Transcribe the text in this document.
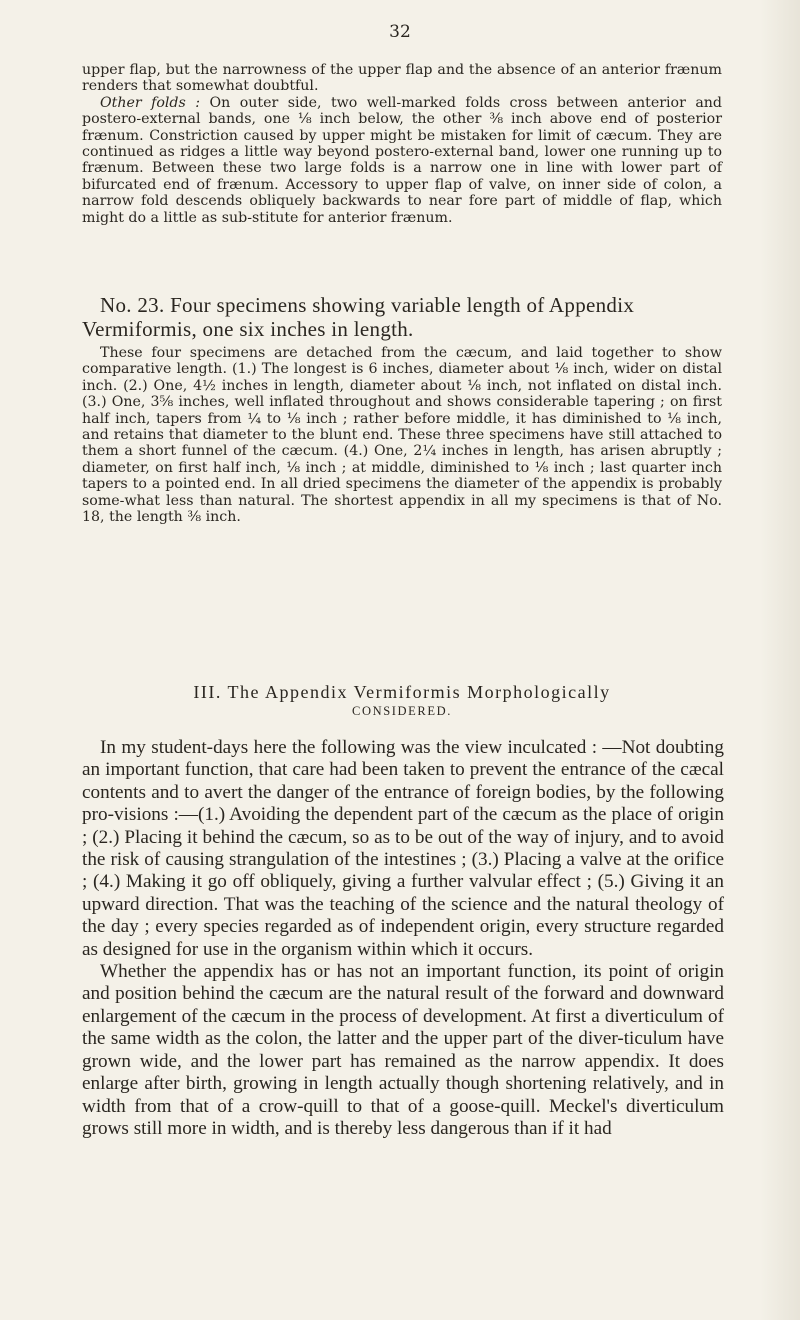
32

upper flap, but the narrowness of the upper flap and the absence of an anterior frænum renders that somewhat doubtful.

Other folds : On outer side, two well-marked folds cross between anterior and postero-external bands, one ⅛ inch below, the other ⅜ inch above end of posterior frænum. Constriction caused by upper might be mistaken for limit of cæcum. They are continued as ridges a little way beyond postero-external band, lower one running up to frænum. Between these two large folds is a narrow one in line with lower part of bifurcated end of frænum. Accessory to upper flap of valve, on inner side of colon, a narrow fold descends obliquely backwards to near fore part of middle of flap, which might do a little as sub-stitute for anterior frænum.

No. 23. Four specimens showing variable length of Appendix

Vermiformis, one six inches in length.

These four specimens are detached from the cæcum, and laid together to show comparative length. (1.) The longest is 6 inches, diameter about ⅛ inch, wider on distal inch. (2.) One, 4½ inches in length, diameter about ⅛ inch, not inflated on distal inch. (3.) One, 3⅝ inches, well inflated throughout and shows considerable tapering ; on first half inch, tapers from ¼ to ⅛ inch ; rather before middle, it has diminished to ⅛ inch, and retains that diameter to the blunt end. These three specimens have still attached to them a short funnel of the cæcum. (4.) One, 2¼ inches in length, has arisen abruptly ; diameter, on first half inch, ⅛ inch ; at middle, diminished to ⅛ inch ; last quarter inch tapers to a pointed end. In all dried specimens the diameter of the appendix is probably some-what less than natural. The shortest appendix in all my specimens is that of No. 18, the length ⅜ inch.

III. The Appendix Vermiformis Morphologically
CONSIDERED.

In my student-days here the following was the view inculcated : —Not doubting an important function, that care had been taken to prevent the entrance of the cæcal contents and to avert the danger of the entrance of foreign bodies, by the following pro-visions :—(1.) Avoiding the dependent part of the cæcum as the place of origin ; (2.) Placing it behind the cæcum, so as to be out of the way of injury, and to avoid the risk of causing strangulation of the intestines ; (3.) Placing a valve at the orifice ; (4.) Making it go off obliquely, giving a further valvular effect ; (5.) Giving it an upward direction. That was the teaching of the science and the natural theology of the day ; every species regarded as of independent origin, every structure regarded as designed for use in the organism within which it occurs.

Whether the appendix has or has not an important function, its point of origin and position behind the cæcum are the natural result of the forward and downward enlargement of the cæcum in the process of development. At first a diverticulum of the same width as the colon, the latter and the upper part of the diver-ticulum have grown wide, and the lower part has remained as the narrow appendix. It does enlarge after birth, growing in length actually though shortening relatively, and in width from that of a crow-quill to that of a goose-quill. Meckel's diverticulum grows still more in width, and is thereby less dangerous than if it had
